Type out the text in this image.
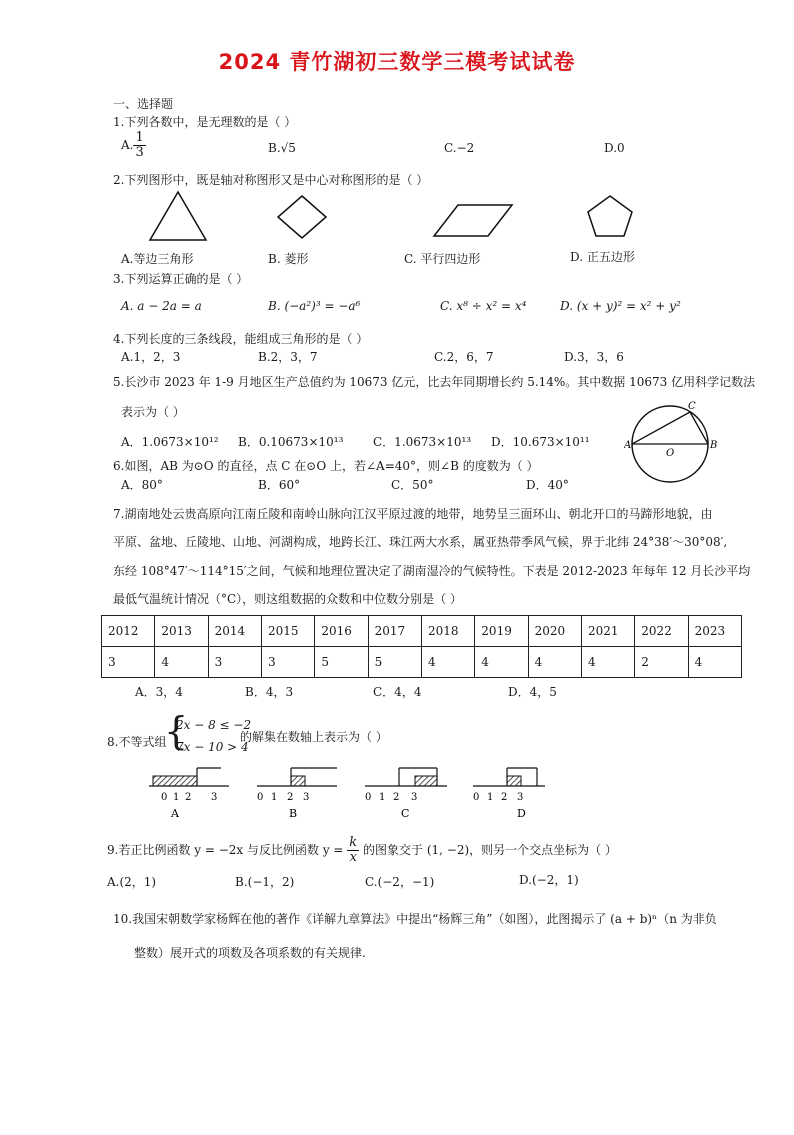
2024 青竹湖初三数学三模考试试卷
一、选择题
1.下列各数中，是无理数的是（ ）
A. $\frac{1}{3}$	B.√5	C.−2	D.0
2.下列图形中，既是轴对称图形又是中心对称图形的是（ ）
A.等边三角形	B. 菱形	C. 平行四边形	D. 正五边形
3.下列运算正确的是（ ）
A. a − 2a = a	B. (−a²)³ = −a⁶	C. x⁸ ÷ x² = x⁴	D. (x + y)² = x² + y²
4.下列长度的三条线段，能组成三角形的是（ ）
A.1，2，3	B.2，3，7	C.2，6，7	D.3，3，6
5.长沙市 2023 年 1-9 月地区生产总值约为 10673 亿元，比去年同期增长约 5.14%。其中数据 10673 亿用科学记数法
表示为（ ）
A．1.0673×10¹² B．0.10673×10¹³ C．1.0673×10¹³ D．10.673×10¹¹	A	B
C
O
6.如图，AB 为⊙O 的直径，点 C 在⊙O 上，若∠A=40°，则∠B 的度数为（ ）
A．80°	B．60°	C．50°	D．40°
7.湖南地处云贵高原向江南丘陵和南岭山脉向江汉平原过渡的地带，地势呈三面环山、朝北开口的马蹄形地貌，由
平原、盆地、丘陵地、山地、河湖构成，地跨长江、珠江两大水系，属亚热带季风气候，界于北纬 24°38′～30°08′,
东经 108°47′～114°15′之间，气候和地理位置决定了湖南湿冷的气候特性。下表是 2012-2023 年每年 12 月长沙平均
最低气温统计情况（°C），则这组数据的众数和中位数分别是（ ）
2012	2013	2014	2015	2016	2017	2018	2019	2020	2021	2022	2023
3	4	3	3	5	5	4	4	4	4	2	4
A．3，4	B．4，3	C．4，4	D．4，5
8.不等式组
{
2x − 8 ≤ −2
7x − 10 > 4
的解集在数轴上表示为（ ）
0 1 2 3
A
0 1 2 3
B
0 1 2 3
C
0 1 2 3
D
9.若正比例函数 y = −2x 与反比例函数 $y = \frac{k}{x}$ 的图象交于 (1, −2)，则另一个交点坐标为（ ）
A.(2，1)	B.(−1，2)	C.(−2，−1)	D.(−2，1)
10.我国宋朝数学家杨辉在他的著作《详解九章算法》中提出“杨辉三角”（如图），此图揭示了 (a + b)ⁿ（n 为非负
整数）展开式的项数及各项系数的有关规律.
